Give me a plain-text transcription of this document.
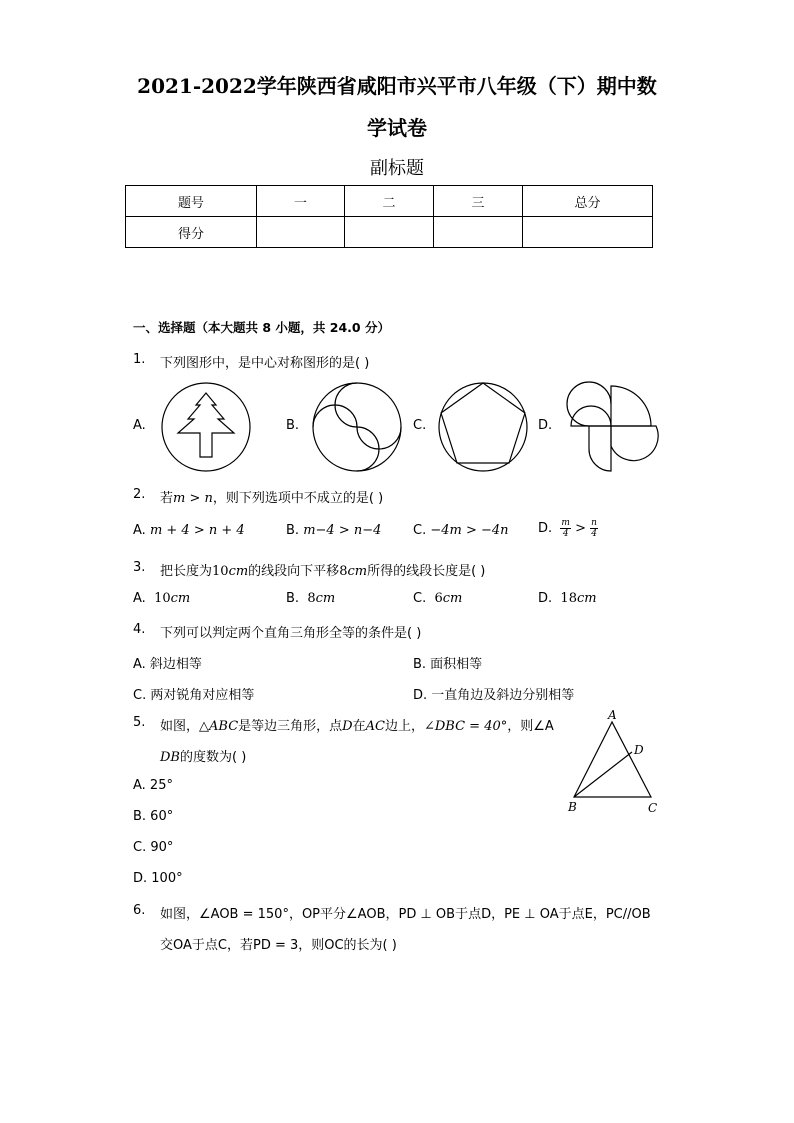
2021-2022学年陕西省咸阳市兴平市八年级（下）期中数
学试卷
副标题
题号	一	二	三	总分
得分				
一、选择题（本大题共 8 小题，共 24.0 分）
1. 下列图形中，是中心对称图形的是( )
A.	B.	C.	D.
2. 若m > n，则下列选项中不成立的是( )
A. m + 4 > n + 4	B. m−4 > n−4 C. −4m > −4n D. $\frac{m}{4} > \frac{n}{4}$
3. 把长度为10cm的线段向下平移8cm所得的线段长度是( )
A. 10cm	B. 8cm	C. 6cm	D. 18cm
4. 下列可以判定两个直角三角形全等的条件是( )
A. 斜边相等	B. 面积相等
C. 两对锐角对应相等	D. 一直角边及斜边分别相等
5. 如图，△ABC是等边三角形，点D在AC边上，∠DBC = 40°，则∠A
DB的度数为( )
A. 25°
B. 60°
C. 90°
D. 100°
A
D
B	C
6. 如图，∠AOB = 150°，OP平分∠AOB，PD ⊥ OB于点D，PE ⊥ OA于点E，PC//OB
交OA于点C，若PD = 3，则OC的长为( )
